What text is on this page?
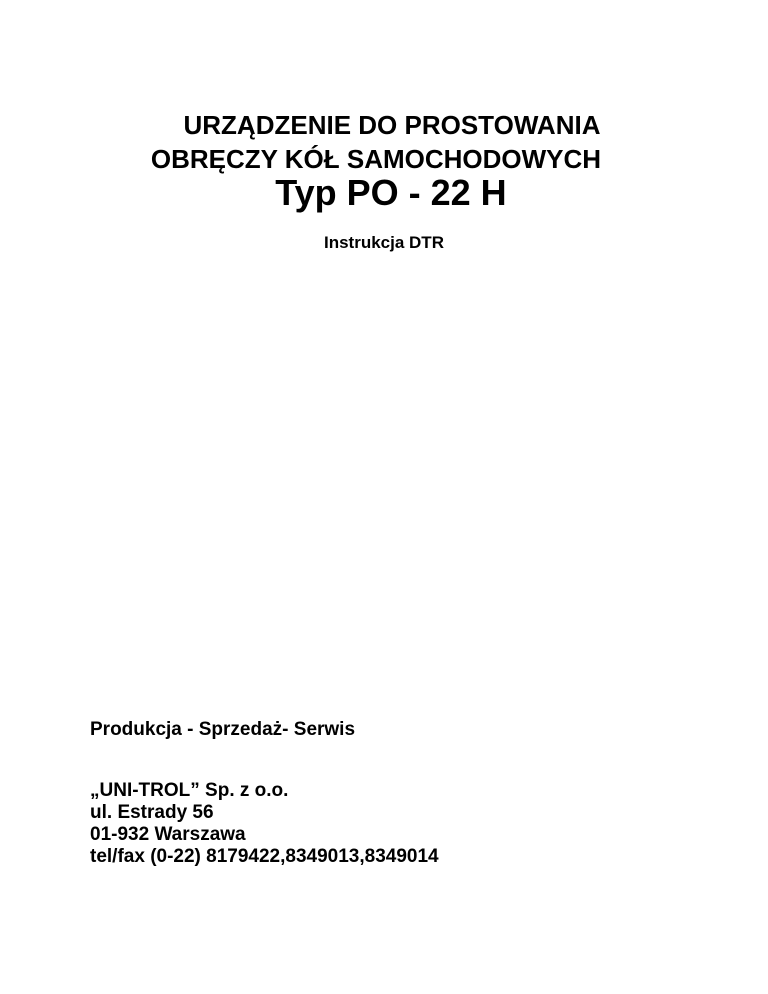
URZĄDZENIE DO PROSTOWANIA
OBRĘCZY KÓŁ SAMOCHODOWYCH
Typ PO - 22 H
Instrukcja DTR
Produkcja - Sprzedaż- Serwis
„UNI-TROL” Sp. z o.o.
ul. Estrady 56
01-932 Warszawa
tel/fax (0-22) 8179422,8349013,8349014
